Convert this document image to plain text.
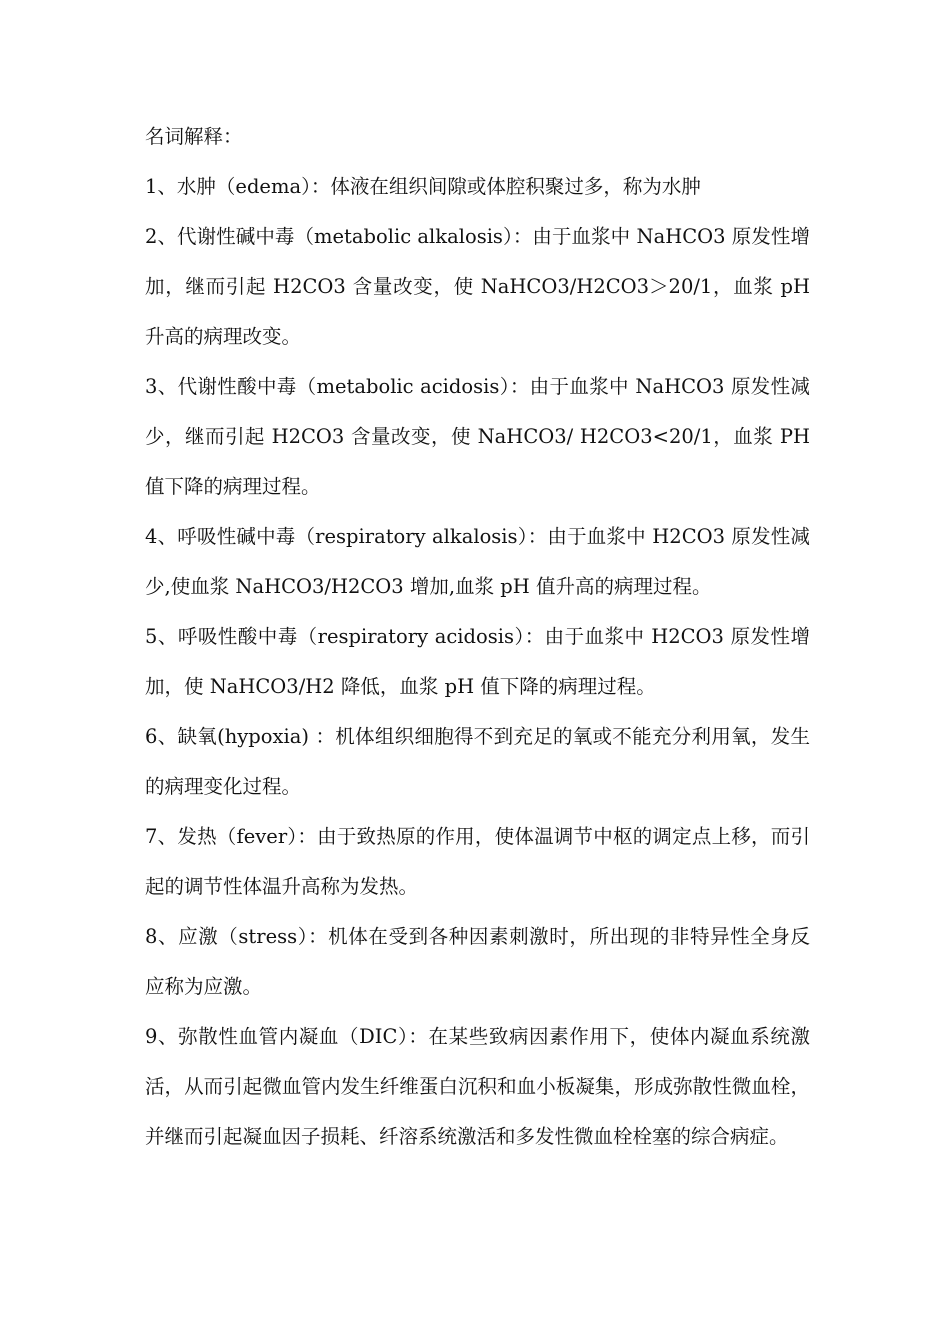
名词解释：

1、水肿（edema）：体液在组织间隙或体腔积聚过多，称为水肿

2、代谢性碱中毒（metabolic alkalosis）：由于血浆中 NaHCO3 原发性增加，继而引起 H2CO3 含量改变，使 NaHCO3/H2CO3＞20/1，血浆 pH 升高的病理改变。

3、代谢性酸中毒（metabolic acidosis）：由于血浆中 NaHCO3 原发性减少，继而引起 H2CO3 含量改变，使 NaHCO3/ H2CO3<20/1，血浆 PH 值下降的病理过程。

4、呼吸性碱中毒（respiratory alkalosis）：由于血浆中 H2CO3 原发性减少,使血浆 NaHCO3/H2CO3 增加,血浆 pH 值升高的病理过程。

5、呼吸性酸中毒（respiratory acidosis）：由于血浆中 H2CO3 原发性增加，使 NaHCO3/H2 降低，血浆 pH 值下降的病理过程。

6、缺氧(hypoxia) ：机体组织细胞得不到充足的氧或不能充分利用氧，发生的病理变化过程。

7、发热（fever）：由于致热原的作用，使体温调节中枢的调定点上移，而引起的调节性体温升高称为发热。

8、应激（stress）：机体在受到各种因素刺激时，所出现的非特异性全身反应称为应激。

9、弥散性血管内凝血（DIC）：在某些致病因素作用下，使体内凝血系统激活，从而引起微血管内发生纤维蛋白沉积和血小板凝集，形成弥散性微血栓，并继而引起凝血因子损耗、纤溶系统激活和多发性微血栓栓塞的综合病症。
